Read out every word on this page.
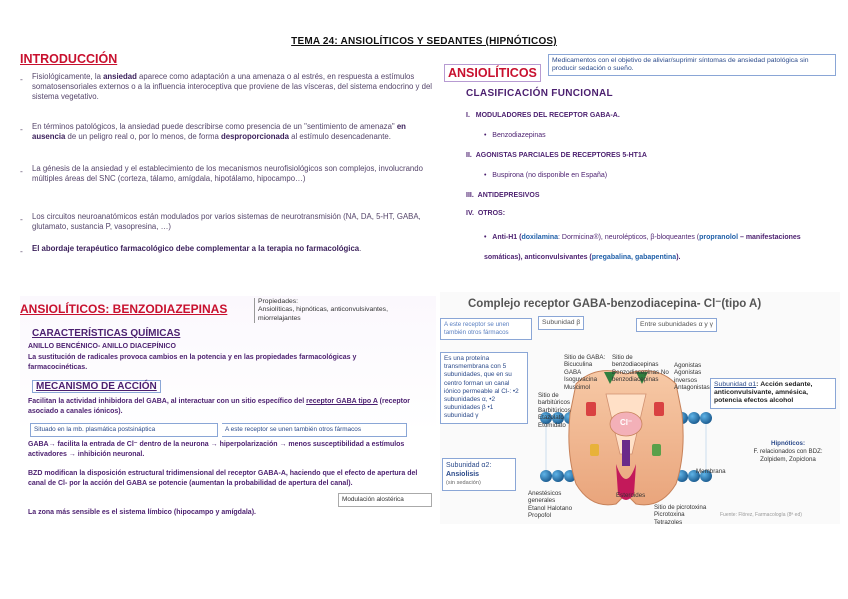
TEMA 24: ANSIOLÍTICOS Y SEDANTES (HIPNÓTICOS)
INTRODUCCIÓN
- Fisiológicamente, la ansiedad aparece como adaptación a una amenaza o al estrés, en respuesta a estímulos somatosensoriales externos o a la influencia interoceptiva que proviene de las vísceras, del sistema endocrino y del sistema vegetativo.
- En términos patológicos, la ansiedad puede describirse como presencia de un "sentimiento de amenaza" en ausencia de un peligro real o, por lo menos, de forma desproporcionada al estímulo desencadenante.
- La génesis de la ansiedad y el establecimiento de los mecanismos neurofisiológicos son complejos, involucrando múltiples áreas del SNC (corteza, tálamo, amígdala, hipotálamo, hipocampo…)
- Los circuitos neuroanatómicos están modulados por varios sistemas de neurotransmisión (NA, DA, 5-HT, GABA, glutamato, sustancia P, vasopresina, …)
- El abordaje terapéutico farmacológico debe complementar a la terapia no farmacológica.
ANSIOLÍTICOS
Medicamentos con el objetivo de aliviar/suprimir síntomas de ansiedad patológica sin producir sedación o sueño.
CLASIFICACIÓN FUNCIONAL
I. MODULADORES DEL RECEPTOR GABA-A.
•   Benzodiazepinas
II. AGONISTAS PARCIALES DE RECEPTORES 5-HT1A
•   Buspirona (no disponible en España)
III. ANTIDEPRESIVOS
IV. OTROS:
•   Anti-H1 (doxilamina: Dormicina®), neurolépticos, β-bloqueantes (propranolol – manifestaciones somáticas), anticonvulsivantes (pregabalina, gabapentina).
ANSIOLÍTICOS: BENZODIAZEPINAS
Propiedades:
Ansiolíticas, hipnóticas, anticonvulsivantes, miorrelajantes
CARACTERÍSTICAS QUÍMICAS
ANILLO BENCÉNICO- ANILLO DIACEPÍNICO
La sustitución de radicales provoca cambios en la potencia y en las propiedades farmacológicas y farmacocinéticas.
MECANISMO DE ACCIÓN
Facilitan la actividad inhibidora del GABA, al interactuar con un sitio específico del receptor GABA tipo A (receptor asociado a canales iónicos).
Situado en la mb. plasmática postsináptica	A este receptor se unen también otros fármacos
GABA→ facilita la entrada de Cl⁻ dentro de la neurona → hiperpolarización → menos susceptibilidad a estímulos activadores → inhibición neuronal.
BZD modifican la disposición estructural tridimensional del receptor GABA-A, haciendo que el efecto de apertura del canal de Cl- por la acción del GABA se potencie (aumentan la probabilidad de apertura del canal).
Modulación alostérica
La zona más sensible es el sistema límbico (hipocampo y amígdala).
Complejo receptor GABA-benzodiacepina- Cl⁻(tipo A)
A este receptor se unen también otros fármacos
Subunidad β	Entre subunidades α y γ
Es una proteína transmembrana con 5 subunidades, que en su centro forman un canal iónico permeable al Cl-: •2 subunidades α, •2 subunidades β •1 subunidad γ
Cl⁻
Sitio de GABA: Bicuculina GABA Isoguvacina Muscimol
Sitio de benzodiacepinas Benzodiacepinas No benzodiacepinas
Agonistas Agonistas inversos Antagonistas
Sitio de barbitúricos Barbitúricos Etazolato Etomidato
Membrana
Anestésicos generales Etanol Halotano Propofol
Esteroides
Sitio de picrotoxina Picrotoxina Tetrazoles
Subunidad α1: Acción sedante, anticonvulsivante, amnésica, potencia efectos alcohol
Hipnóticos:
F. relacionados con BDZ: Zolpidem, Zopiclona
Subunidad α2:
Ansiolisis
(sin sedación)
Fuente: Flórez, Farmacología (8ª ed)
